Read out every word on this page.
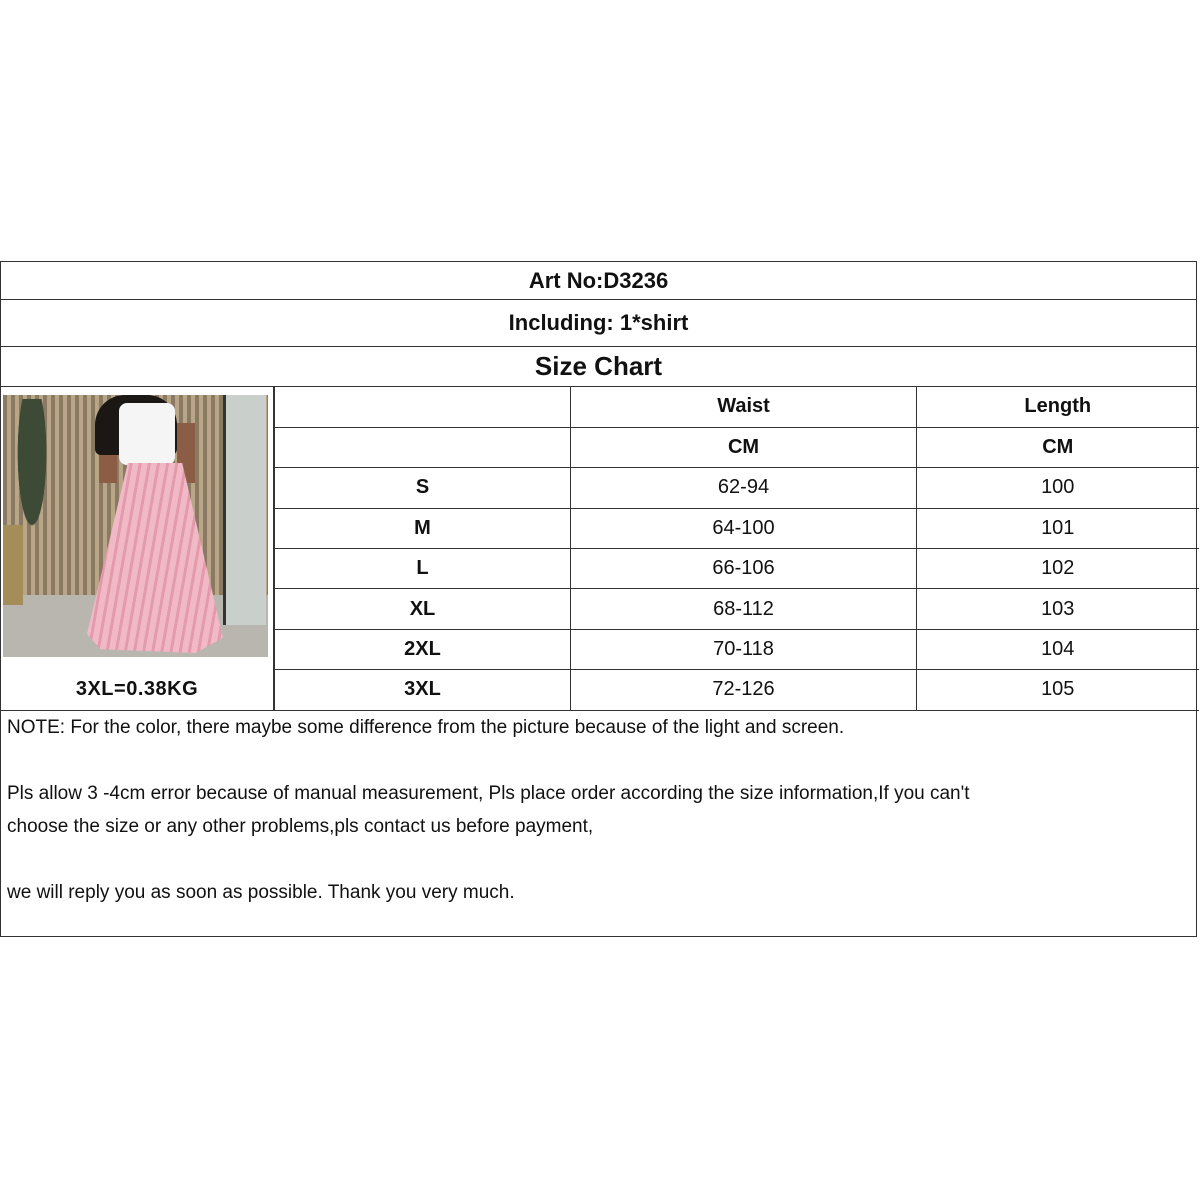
Art No:D3236
Including: 1*shirt
Size Chart
3XL=0.38KG
	Waist	Length
	CM	CM
S	62-94	100
M	64-100	101
L	66-106	102
XL	68-112	103
2XL	70-118	104
3XL	72-126	105

NOTE: For the color, there maybe some difference from the picture because of the light and screen.

Pls allow 3 -4cm error because of manual measurement, Pls place order according the size information,If you can't

choose the size or any other problems,pls contact us before payment,

we will reply you as soon as possible. Thank you very much.
